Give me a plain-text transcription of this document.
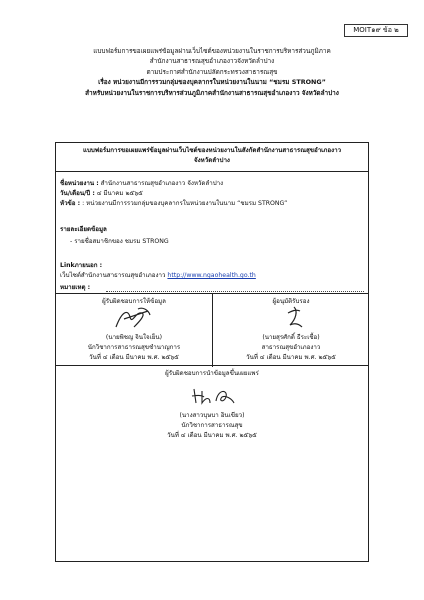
MOIT๑๙ ข้อ ๒
แบบฟอร์มการขอเผยแพร่ข้อมูลผ่านเว็บไซต์ของหน่วยงานในราชการบริหารส่วนภูมิภาค
สำนักงานสาธารณสุขอำเภองาวจังหวัดลำปาง
ตามประกาศสำนักงานปลัดกระทรวงสาธารณสุข
เรื่อง หน่วยงานมีการรวมกลุ่มของบุคลากรในหน่วยงานในนาม “ชมรม STRONG”
สำหรับหน่วยงานในราชการบริหารส่วนภูมิภาคสำนักงานสาธารณสุขอำเภองาว จังหวัดลำปาง
แบบฟอร์มการขอเผยแพร่ข้อมูลผ่านเว็บไซต์ของหน่วยงานในสังกัดสำนักงานสาธารณสุขอำเภองาว
จังหวัดลำปาง
ชื่อหน่วยงาน : สำนักงานสาธารณสุขอำเภองาว จังหวัดลำปาง
วัน/เดือน/ปี : ๔ มีนาคม ๒๕๖๕
หัวข้อ : : หน่วยงานมีการรวมกลุ่มของบุคลากรในหน่วยงานในนาม “ชมรม STRONG”
รายละเอียดข้อมูล
- รายชื่อสมาชิกของ ชมรม STRONG
Linkภายนอก :
เว็บไซต์สำนักงานสาธารณสุขอำเภองาว http://www.ngaohealth.go.th
หมายเหตุ :
ผู้รับผิดชอบการให้ข้อมูล
(นายพิชญ จินใจเย็น)
นักวิชาการสาธารณสุขชำนาญการ
วันที่ ๔ เดือน มีนาคม พ.ศ. ๒๕๖๕
ผู้อนุมัติรับรอง
(นายสุรศักดิ์ ธีระเชื้อ)
สาธารณสุขอำเภองาว
วันที่ ๔ เดือน มีนาคม พ.ศ. ๒๕๖๕
ผู้รับผิดชอบการนำข้อมูลขึ้นเผยแพร่
(นางสาวบุษบา อินเขียว)
นักวิชาการสาธารณสุข
วันที่ ๔ เดือน มีนาคม พ.ศ. ๒๕๖๕
